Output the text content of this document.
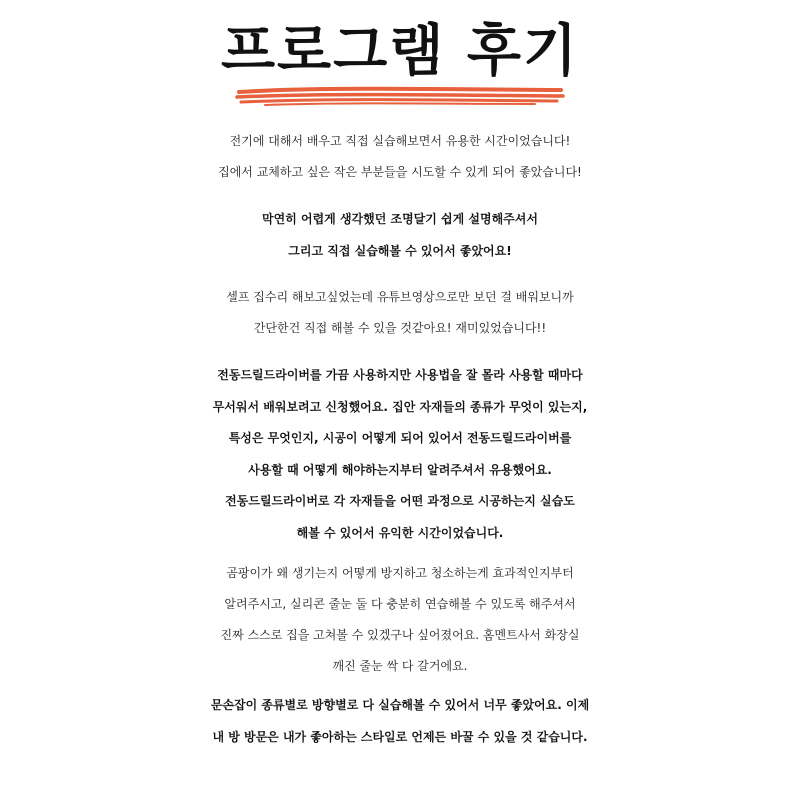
프로그램 후기

전기에 대해서 배우고 직접 실습해보면서 유용한 시간이었습니다!
집에서 교체하고 싶은 작은 부분들을 시도할 수 있게 되어 좋았습니다!

막연히 어렵게 생각했던 조명달기 쉽게 설명해주셔서
그리고 직접 실습해볼 수 있어서 좋았어요!

셀프 집수리 해보고싶었는데 유튜브영상으로만 보던 걸 배워보니까
간단한건 직접 해볼 수 있을 것같아요! 재미있었습니다!!

전동드릴드라이버를 가끔 사용하지만 사용법을 잘 몰라 사용할 때마다
무서워서 배워보려고 신청했어요. 집안 자재들의 종류가 무엇이 있는지,
특성은 무엇인지, 시공이 어떻게 되어 있어서 전동드릴드라이버를
사용할 때 어떻게 해야하는지부터 알려주셔서 유용했어요.
전동드릴드라이버로 각 자재들을 어떤 과정으로 시공하는지 실습도
해볼 수 있어서 유익한 시간이었습니다.

곰팡이가 왜 생기는지 어떻게 방지하고 청소하는게 효과적인지부터
알려주시고, 실리콘 줄눈 둘 다 충분히 연습해볼 수 있도록 해주셔서
진짜 스스로 집을 고쳐볼 수 있겠구나 싶어졌어요. 홈멘트사서 화장실
깨진 줄눈 싹 다 갈거에요.

문손잡이 종류별로 방향별로 다 실습해볼 수 있어서 너무 좋았어요. 이제
내 방 방문은 내가 좋아하는 스타일로 언제든 바꿀 수 있을 것 같습니다.
